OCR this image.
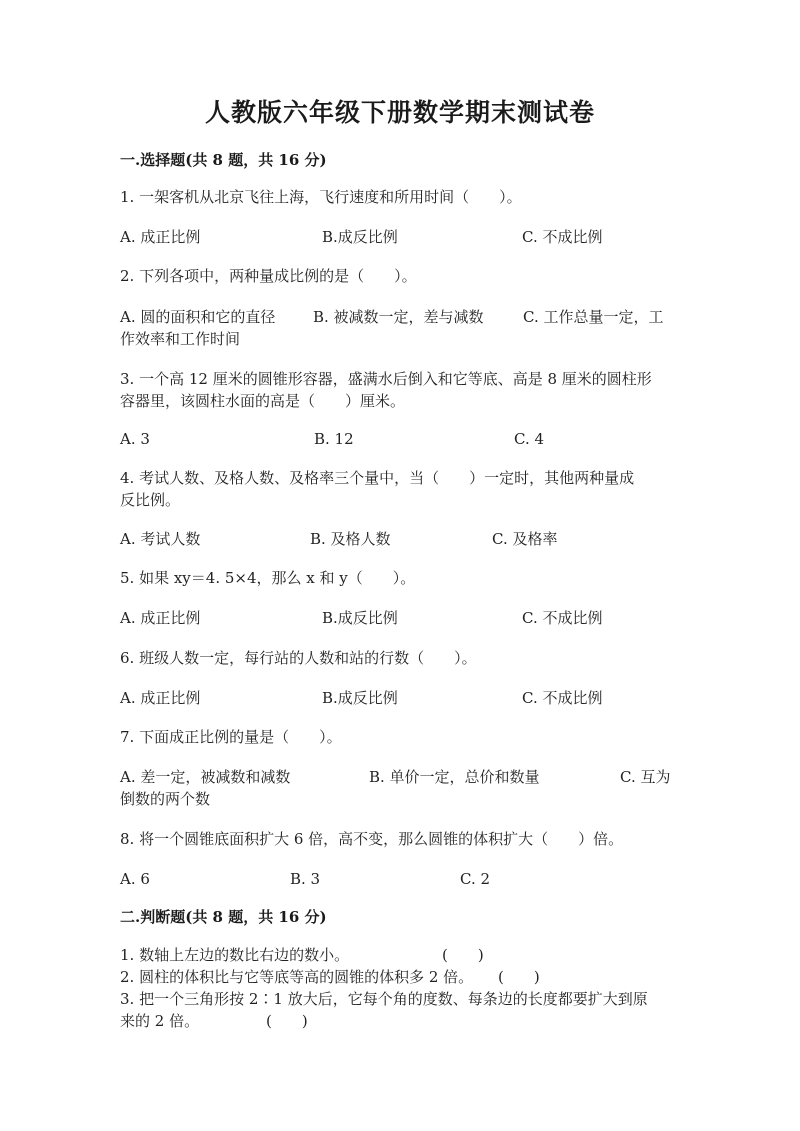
人教版六年级下册数学期末测试卷
一.选择题(共 8 题，共 16 分)
1. 一架客机从北京飞往上海，飞行速度和所用时间（　　）。
A. 成正比例	B.成反比例	C. 不成比例
2. 下列各项中，两种量成比例的是（　　）。
A. 圆的面积和它的直径	B. 被减数一定，差与减数	C. 工作总量一定，工
作效率和工作时间
3. 一个高 12 厘米的圆锥形容器，盛满水后倒入和它等底、高是 8 厘米的圆柱形
容器里，该圆柱水面的高是（　　）厘米。
A. 3	B. 12	C. 4
4. 考试人数、及格人数、及格率三个量中，当（　　）一定时，其他两种量成
反比例。
A. 考试人数	B. 及格人数	C. 及格率
5. 如果 xy＝4. 5×4，那么 x 和 y（　　）。
A. 成正比例	B.成反比例	C. 不成比例
6. 班级人数一定，每行站的人数和站的行数（　　）。
A. 成正比例	B.成反比例	C. 不成比例
7. 下面成正比例的量是（　　）。
A. 差一定，被减数和减数	B. 单价一定，总价和数量	C. 互为
倒数的两个数
8. 将一个圆锥底面积扩大 6 倍，高不变，那么圆锥的体积扩大（　　）倍。
A. 6	B. 3	C. 2
二.判断题(共 8 题，共 16 分)
1. 数轴上左边的数比右边的数小。	(　　)
2. 圆柱的体积比与它等底等高的圆锥的体积多 2 倍。 (　　)
3. 把一个三角形按 2∶1 放大后，它每个角的度数、每条边的长度都要扩大到原
来的 2 倍。	(　　)
